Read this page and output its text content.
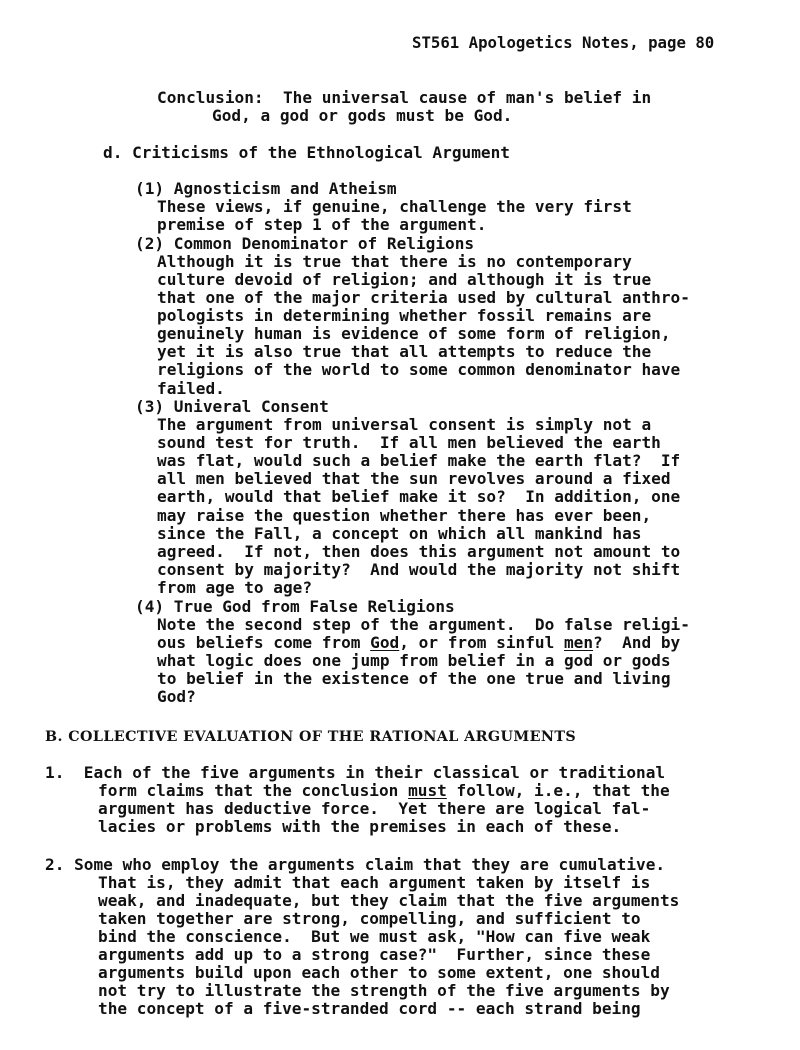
ST561 Apologetics Notes, page 80
Conclusion:  The universal cause of man's belief in
God, a god or gods must be God.
d. Criticisms of the Ethnological Argument
(1) Agnosticism and Atheism
These views, if genuine, challenge the very first
premise of step 1 of the argument.
(2) Common Denominator of Religions
Although it is true that there is no contemporary
culture devoid of religion; and although it is true
that one of the major criteria used by cultural anthro-
pologists in determining whether fossil remains are
genuinely human is evidence of some form of religion,
yet it is also true that all attempts to reduce the
religions of the world to some common denominator have
failed.
(3) Univeral Consent
The argument from universal consent is simply not a
sound test for truth.  If all men believed the earth
was flat, would such a belief make the earth flat?  If
all men believed that the sun revolves around a fixed
earth, would that belief make it so?  In addition, one
may raise the question whether there has ever been,
since the Fall, a concept on which all mankind has
agreed.  If not, then does this argument not amount to
consent by majority?  And would the majority not shift
from age to age?
(4) True God from False Religions
Note the second step of the argument.  Do false religi-
ous beliefs come from God, or from sinful men?  And by
what logic does one jump from belief in a god or gods
to belief in the existence of the one true and living
God?
B. COLLECTIVE EVALUATION OF THE RATIONAL ARGUMENTS
1.  Each of the five arguments in their classical or traditional
form claims that the conclusion must follow, i.e., that the
argument has deductive force.  Yet there are logical fal-
lacies or problems with the premises in each of these.
2. Some who employ the arguments claim that they are cumulative.
That is, they admit that each argument taken by itself is
weak, and inadequate, but they claim that the five arguments
taken together are strong, compelling, and sufficient to
bind the conscience.  But we must ask, "How can five weak
arguments add up to a strong case?"  Further, since these
arguments build upon each other to some extent, one should
not try to illustrate the strength of the five arguments by
the concept of a five-stranded cord -- each strand being
